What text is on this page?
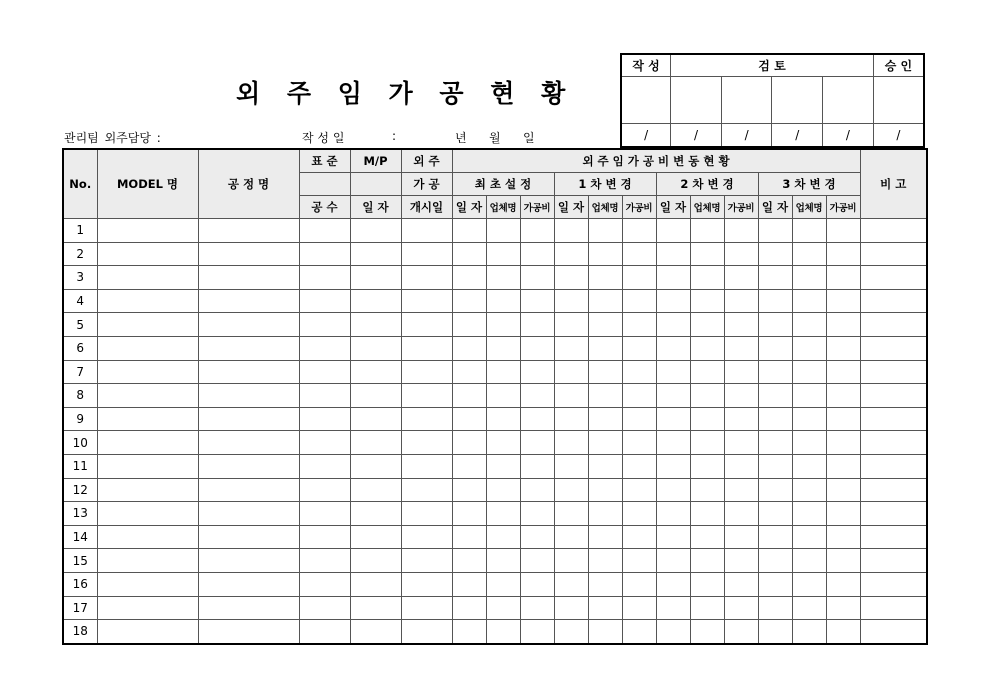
외 주 임 가 공 현 황
관리팀 외주담당 :	작 성 일	:	년 월 일
작 성	검 토				승 인

/	/	/	/	/	/
No.	MODEL 명	공 정 명	표 준	M/P	외 주	외 주 임 가 공 비 변 동 현 황												비 고
					가 공	최 초 설 정			1 차 변 경			2 차 변 경			3 차 변 경			
			공 수	일 자	개시일	일 자	업체명	가공비	일 자	업체명	가공비	일 자	업체명	가공비	일 자	업체명	가공비	
1																		
2																		
3																		
4																		
5																		
6																		
7																		
8																		
9																		
10																		
11																		
12																		
13																		
14																		
15																		
16																		
17																		
18																		
